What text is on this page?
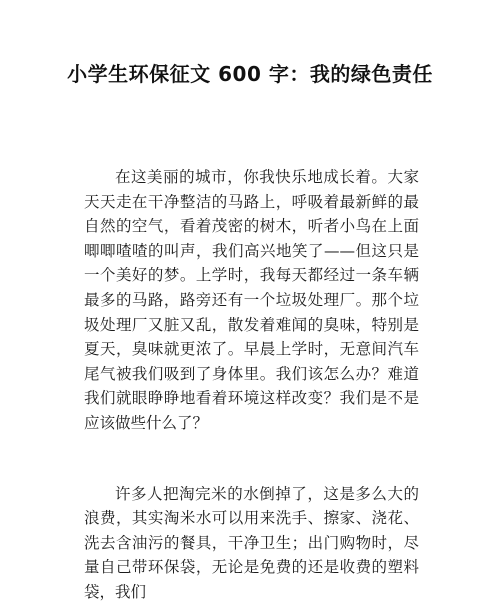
小学生环保征文 600 字：我的绿色责任

在这美丽的城市，你我快乐地成长着。大家天天走在干净整洁的马路上，呼吸着最新鲜的最自然的空气，看着茂密的树木，听者小鸟在上面唧唧喳喳的叫声，我们高兴地笑了——但这只是一个美好的梦。上学时，我每天都经过一条车辆最多的马路，路旁还有一个垃圾处理厂。那个垃圾处理厂又脏又乱，散发着难闻的臭味，特别是夏天，臭味就更浓了。早晨上学时，无意间汽车尾气被我们吸到了身体里。我们该怎么办？难道我们就眼睁睁地看着环境这样改变？我们是不是应该做些什么了？

许多人把淘完米的水倒掉了，这是多么大的浪费，其实淘米水可以用来洗手、擦家、浇花、洗去含油污的餐具，干净卫生；出门购物时，尽量自己带环保袋，无论是免费的还是收费的塑料袋，我们
